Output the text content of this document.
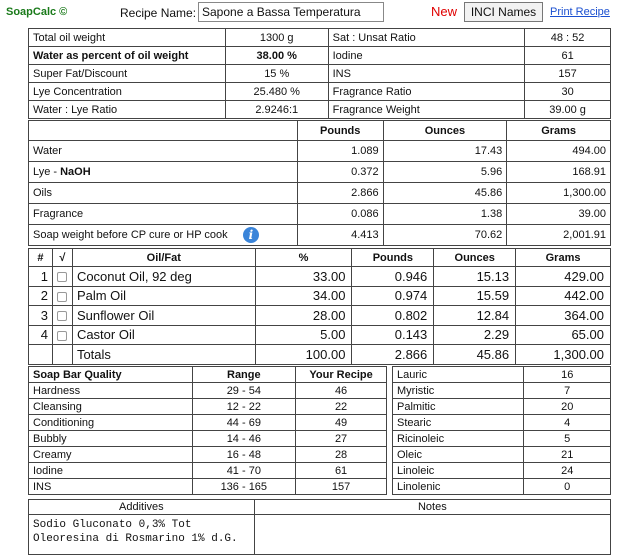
SoapCalc ©	Recipe Name:
Sapone a Bassa Temperatura	New	INCI Names	Print Recipe
Total oil weight	1300 g	Sat : Unsat Ratio	48 : 52
Water as percent of oil weight	38.00 %	Iodine	61
Super Fat/Discount	15 %	INS	157
Lye Concentration	25.480 %	Fragrance Ratio	30
Water : Lye Ratio	2.9246:1	Fragrance Weight	39.00 g
	Pounds	Ounces	Grams
Water	1.089	17.43	494.00
Lye - NaOH	0.372	5.96	168.91
Oils	2.866	45.86	1,300.00
Fragrance	0.086	1.38	39.00
Soap weight before CP cure or HP cook i	4.413	70.62	2,001.91
#	√	Oil/Fat	%	Pounds	Ounces	Grams
1		Coconut Oil, 92 deg	33.00	0.946	15.13	429.00
2		Palm Oil	34.00	0.974	15.59	442.00
3		Sunflower Oil	28.00	0.802	12.84	364.00
4		Castor Oil	5.00	0.143	2.29	65.00
		Totals	100.00	2.866	45.86	1,300.00
Soap Bar Quality	Range	Your Recipe
Hardness	29 - 54	46
Cleansing	12 - 22	22
Conditioning	44 - 69	49
Bubbly	14 - 46	27
Creamy	16 - 48	28
Iodine	41 - 70	61
INS	136 - 165	157
Lauric	16
Myristic	7
Palmitic	20
Stearic	4
Ricinoleic	5
Oleic	21
Linoleic	24
Linolenic	0
Additives	Notes

Sodio Gluconato 0,3% Tot
Oleoresina di Rosmarino 1% d.G.	
